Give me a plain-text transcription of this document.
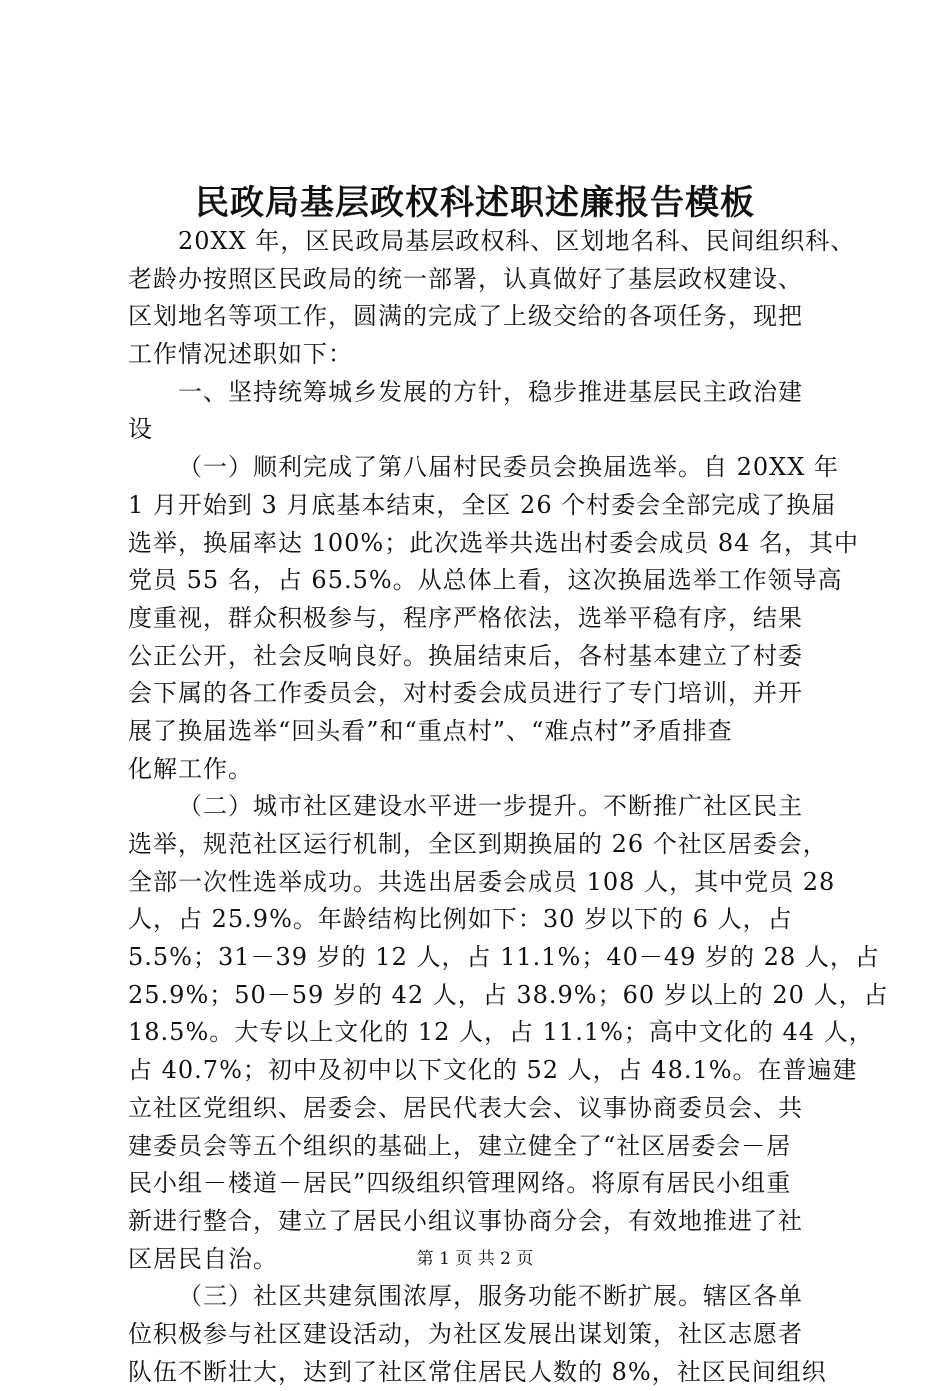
民政局基层政权科述职述廉报告模板
20XX 年，区民政局基层政权科、区划地名科、民间组织科、
老龄办按照区民政局的统一部署，认真做好了基层政权建设、
区划地名等项工作，圆满的完成了上级交给的各项任务，现把
工作情况述职如下：
一、坚持统筹城乡发展的方针，稳步推进基层民主政治建
设
（一）顺利完成了第八届村民委员会换届选举。自 20XX 年
1 月开始到 3 月底基本结束，全区 26 个村委会全部完成了换届
选举，换届率达 100%；此次选举共选出村委会成员 84 名，其中
党员 55 名，占 65.5%。从总体上看，这次换届选举工作领导高
度重视，群众积极参与，程序严格依法，选举平稳有序，结果
公正公开，社会反响良好。换届结束后，各村基本建立了村委
会下属的各工作委员会，对村委会成员进行了专门培训，并开
展了换届选举“回头看”和“重点村”、“难点村”矛盾排查
化解工作。
（二）城市社区建设水平进一步提升。不断推广社区民主
选举，规范社区运行机制，全区到期换届的 26 个社区居委会，
全部一次性选举成功。共选出居委会成员 108 人，其中党员 28
人，占 25.9%。年龄结构比例如下：30 岁以下的 6 人，占
5.5%；31－39 岁的 12 人，占 11.1%；40－49 岁的 28 人，占
25.9%；50－59 岁的 42 人，占 38.9%；60 岁以上的 20 人，占
18.5%。大专以上文化的 12 人，占 11.1%；高中文化的 44 人，
占 40.7%；初中及初中以下文化的 52 人，占 48.1%。在普遍建
立社区党组织、居委会、居民代表大会、议事协商委员会、共
建委员会等五个组织的基础上，建立健全了“社区居委会－居
民小组－楼道－居民”四级组织管理网络。将原有居民小组重
新进行整合，建立了居民小组议事协商分会，有效地推进了社
区居民自治。
（三）社区共建氛围浓厚，服务功能不断扩展。辖区各单
位积极参与社区建设活动，为社区发展出谋划策，社区志愿者
队伍不断壮大，达到了社区常住居民人数的 8%，社区民间组织
第 1 页 共 2 页
